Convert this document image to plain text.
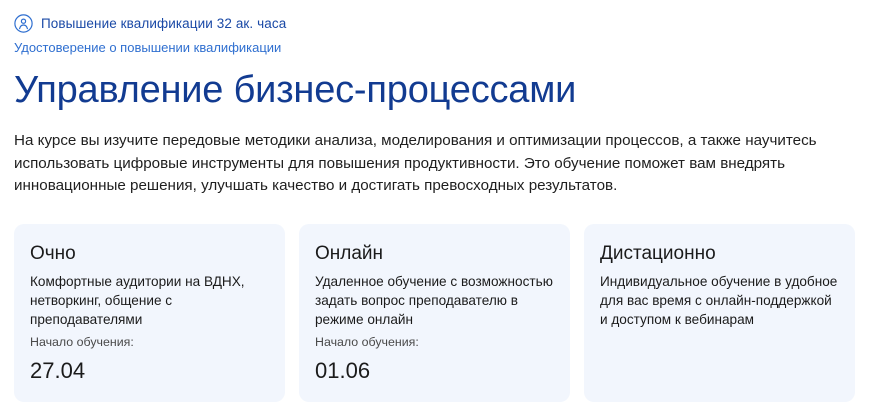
Повышение квалификации 32 ак. часа
Удостоверение о повышении квалификации
Управление бизнес-процессами

На курсе вы изучите передовые методики анализа, моделирования и оптимизации процессов, а также научитесь использовать цифровые инструменты для повышения продуктивности. Это обучение поможет вам внедрять инновационные решения, улучшать качество и достигать превосходных результатов.

Очно

Комфортные аудитории на ВДНХ, нетворкинг, общение с преподавателями

Начало обучения:
27.04
Онлайн

Удаленное обучение с возможностью задать вопрос преподавателю в режиме онлайн

Начало обучения:
01.06
Дистационно

Индивидуальное обучение в удобное для вас время с онлайн-поддержкой и доступом к вебинарам
